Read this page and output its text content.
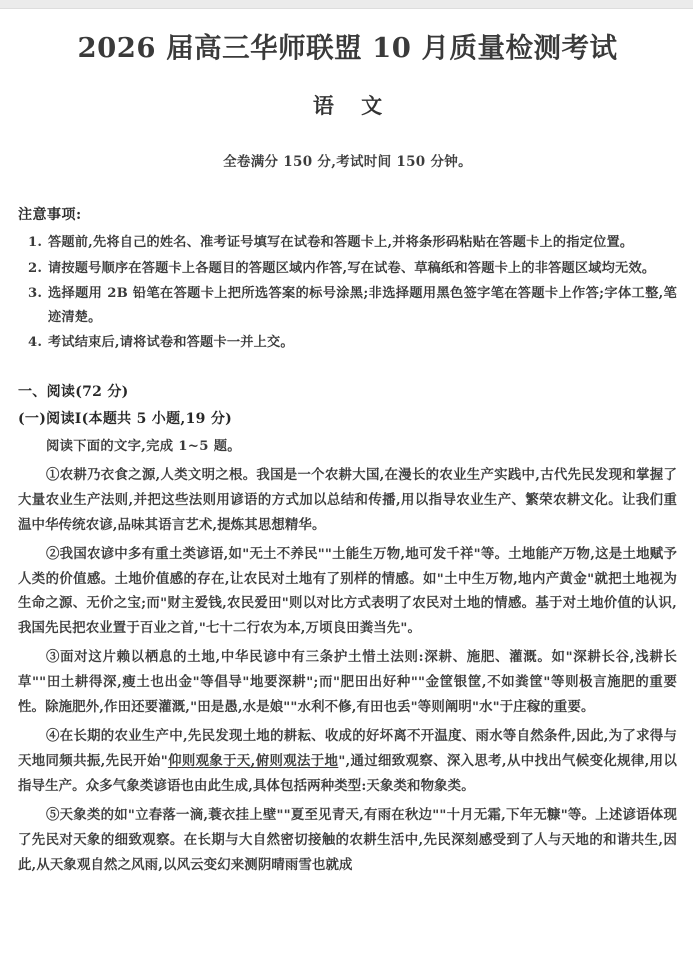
2026 届高三华师联盟 10 月质量检测考试
语 文

全卷满分 150 分,考试时间 150 分钟。

注意事项:
1. 答题前,先将自己的姓名、准考证号填写在试卷和答题卡上,并将条形码粘贴在答题卡上的指定位置。
2. 请按题号顺序在答题卡上各题目的答题区域内作答,写在试卷、草稿纸和答题卡上的非答题区域均无效。
3. 选择题用 2B 铅笔在答题卡上把所选答案的标号涂黑;非选择题用黑色签字笔在答题卡上作答;字体工整,笔迹清楚。
4. 考试结束后,请将试卷和答题卡一并上交。
一、阅读(72 分)
(一)阅读Ⅰ(本题共 5 小题,19 分)

阅读下面的文字,完成 1~5 题。

①农耕乃衣食之源,人类文明之根。我国是一个农耕大国,在漫长的农业生产实践中,古代先民发现和掌握了大量农业生产法则,并把这些法则用谚语的方式加以总结和传播,用以指导农业生产、繁荣农耕文化。让我们重温中华传统农谚,品味其语言艺术,提炼其思想精华。

②我国农谚中多有重土类谚语,如"无土不养民""土能生万物,地可发千祥"等。土地能产万物,这是土地赋予人类的价值感。土地价值感的存在,让农民对土地有了别样的情感。如"土中生万物,地内产黄金"就把土地视为生命之源、无价之宝;而"财主爱钱,农民爱田"则以对比方式表明了农民对土地的情感。基于对土地价值的认识,我国先民把农业置于百业之首,"七十二行农为本,万顷良田粪当先"。

③面对这片赖以栖息的土地,中华民谚中有三条护土惜土法则:深耕、施肥、灌溉。如"深耕长谷,浅耕长草""田土耕得深,瘦土也出金"等倡导"地要深耕";而"肥田出好种""金筐银筐,不如粪筐"等则极言施肥的重要性。除施肥外,作田还要灌溉,"田是愚,水是娘""水利不修,有田也丢"等则阐明"水"于庄稼的重要。

④在长期的农业生产中,先民发现土地的耕耘、收成的好坏离不开温度、雨水等自然条件,因此,为了求得与天地同频共振,先民开始"仰则观象于天,俯则观法于地",通过细致观察、深入思考,从中找出气候变化规律,用以指导生产。众多气象类谚语也由此生成,具体包括两种类型:天象类和物象类。

⑤天象类的如"立春落一滴,蓑衣挂上壁""夏至见青天,有雨在秋边""十月无霜,下年无糠"等。上述谚语体现了先民对天象的细致观察。在长期与大自然密切接触的农耕生活中,先民深刻感受到了人与天地的和谐共生,因此,从天象观自然之风雨,以风云变幻来测阴晴雨雪也就成
